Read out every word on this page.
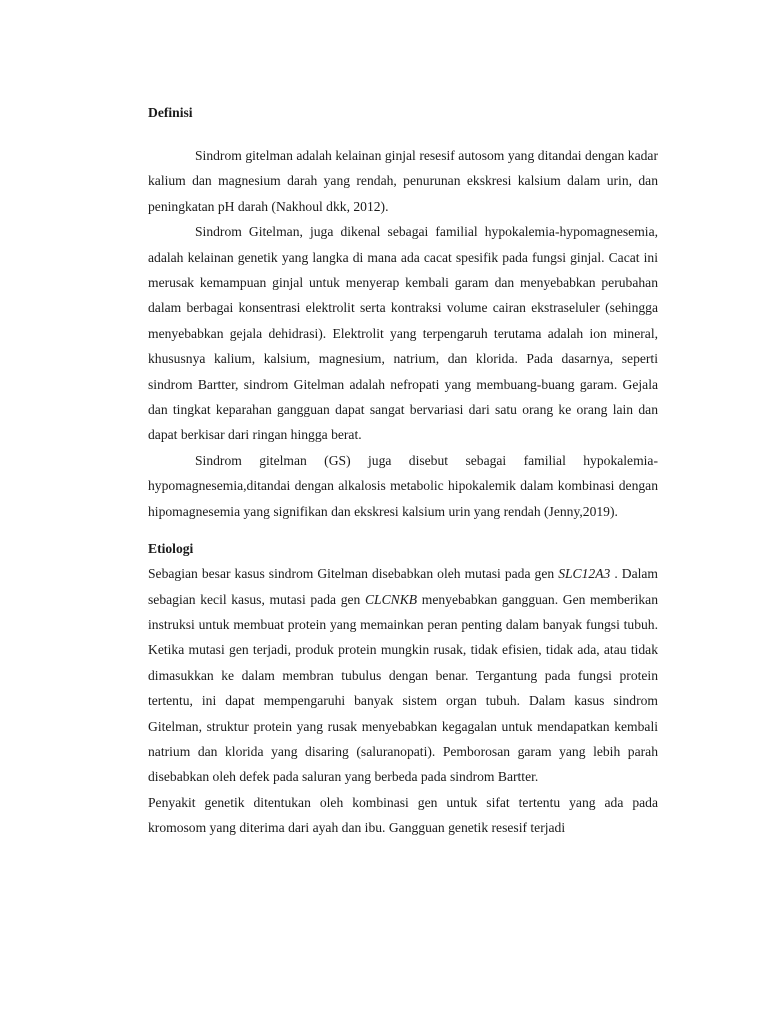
Definisi

Sindrom gitelman adalah kelainan ginjal resesif autosom yang ditandai dengan kadar kalium dan magnesium darah yang rendah, penurunan ekskresi kalsium dalam urin, dan peningkatan pH darah (Nakhoul dkk, 2012).

Sindrom Gitelman, juga dikenal sebagai familial hypokalemia-hypomagnesemia, adalah kelainan genetik yang langka di mana ada cacat spesifik pada fungsi ginjal. Cacat ini merusak kemampuan ginjal untuk menyerap kembali garam dan menyebabkan perubahan dalam berbagai konsentrasi elektrolit serta kontraksi volume cairan ekstraseluler (sehingga menyebabkan gejala dehidrasi). Elektrolit yang terpengaruh terutama adalah ion mineral, khususnya kalium, kalsium, magnesium, natrium, dan klorida. Pada dasarnya, seperti sindrom Bartter, sindrom Gitelman adalah nefropati yang membuang-buang garam. Gejala dan tingkat keparahan gangguan dapat sangat bervariasi dari satu orang ke orang lain dan dapat berkisar dari ringan hingga berat.

Sindrom gitelman (GS) juga disebut sebagai familial hypokalemia-hypomagnesemia,ditandai dengan alkalosis metabolic hipokalemik dalam kombinasi dengan hipomagnesemia yang signifikan dan ekskresi kalsium urin yang rendah (Jenny,2019).

Etiologi

Sebagian besar kasus sindrom Gitelman disebabkan oleh mutasi pada gen SLC12A3 . Dalam sebagian kecil kasus, mutasi pada gen CLCNKB menyebabkan gangguan. Gen memberikan instruksi untuk membuat protein yang memainkan peran penting dalam banyak fungsi tubuh. Ketika mutasi gen terjadi, produk protein mungkin rusak, tidak efisien, tidak ada, atau tidak dimasukkan ke dalam membran tubulus dengan benar. Tergantung pada fungsi protein tertentu, ini dapat mempengaruhi banyak sistem organ tubuh. Dalam kasus sindrom Gitelman, struktur protein yang rusak menyebabkan kegagalan untuk mendapatkan kembali natrium dan klorida yang disaring (saluranopati). Pemborosan garam yang lebih parah disebabkan oleh defek pada saluran yang berbeda pada sindrom Bartter.

Penyakit genetik ditentukan oleh kombinasi gen untuk sifat tertentu yang ada pada kromosom yang diterima dari ayah dan ibu. Gangguan genetik resesif terjadi
